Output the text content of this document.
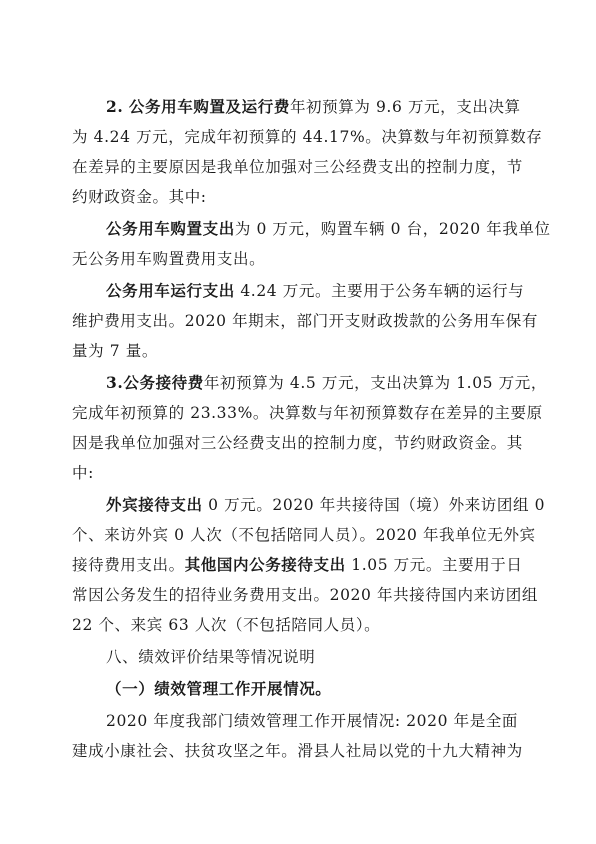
2. 公务用车购置及运行费年初预算为 9.6 万元，支出决算
为 4.24 万元，完成年初预算的 44.17%。决算数与年初预算数存
在差异的主要原因是我单位加强对三公经费支出的控制力度，节
约财政资金。其中:
公务用车购置支出为 0 万元，购置车辆 0 台，2020 年我单位
无公务用车购置费用支出。
公务用车运行支出 4.24 万元。主要用于公务车辆的运行与
维护费用支出。2020 年期末，部门开支财政拨款的公务用车保有
量为 7 量。
3.公务接待费年初预算为 4.5 万元，支出决算为 1.05 万元，
完成年初预算的 23.33%。决算数与年初预算数存在差异的主要原
因是我单位加强对三公经费支出的控制力度，节约财政资金。其
中:
外宾接待支出 0 万元。2020 年共接待国（境）外来访团组 0
个、来访外宾 0 人次（不包括陪同人员）。2020 年我单位无外宾
接待费用支出。其他国内公务接待支出 1.05 万元。主要用于日
常因公务发生的招待业务费用支出。2020 年共接待国内来访团组
22 个、来宾 63 人次（不包括陪同人员）。
八、绩效评价结果等情况说明
（一）绩效管理工作开展情况。
2020 年度我部门绩效管理工作开展情况: 2020 年是全面
建成小康社会、扶贫攻坚之年。滑县人社局以党的十九大精神为
